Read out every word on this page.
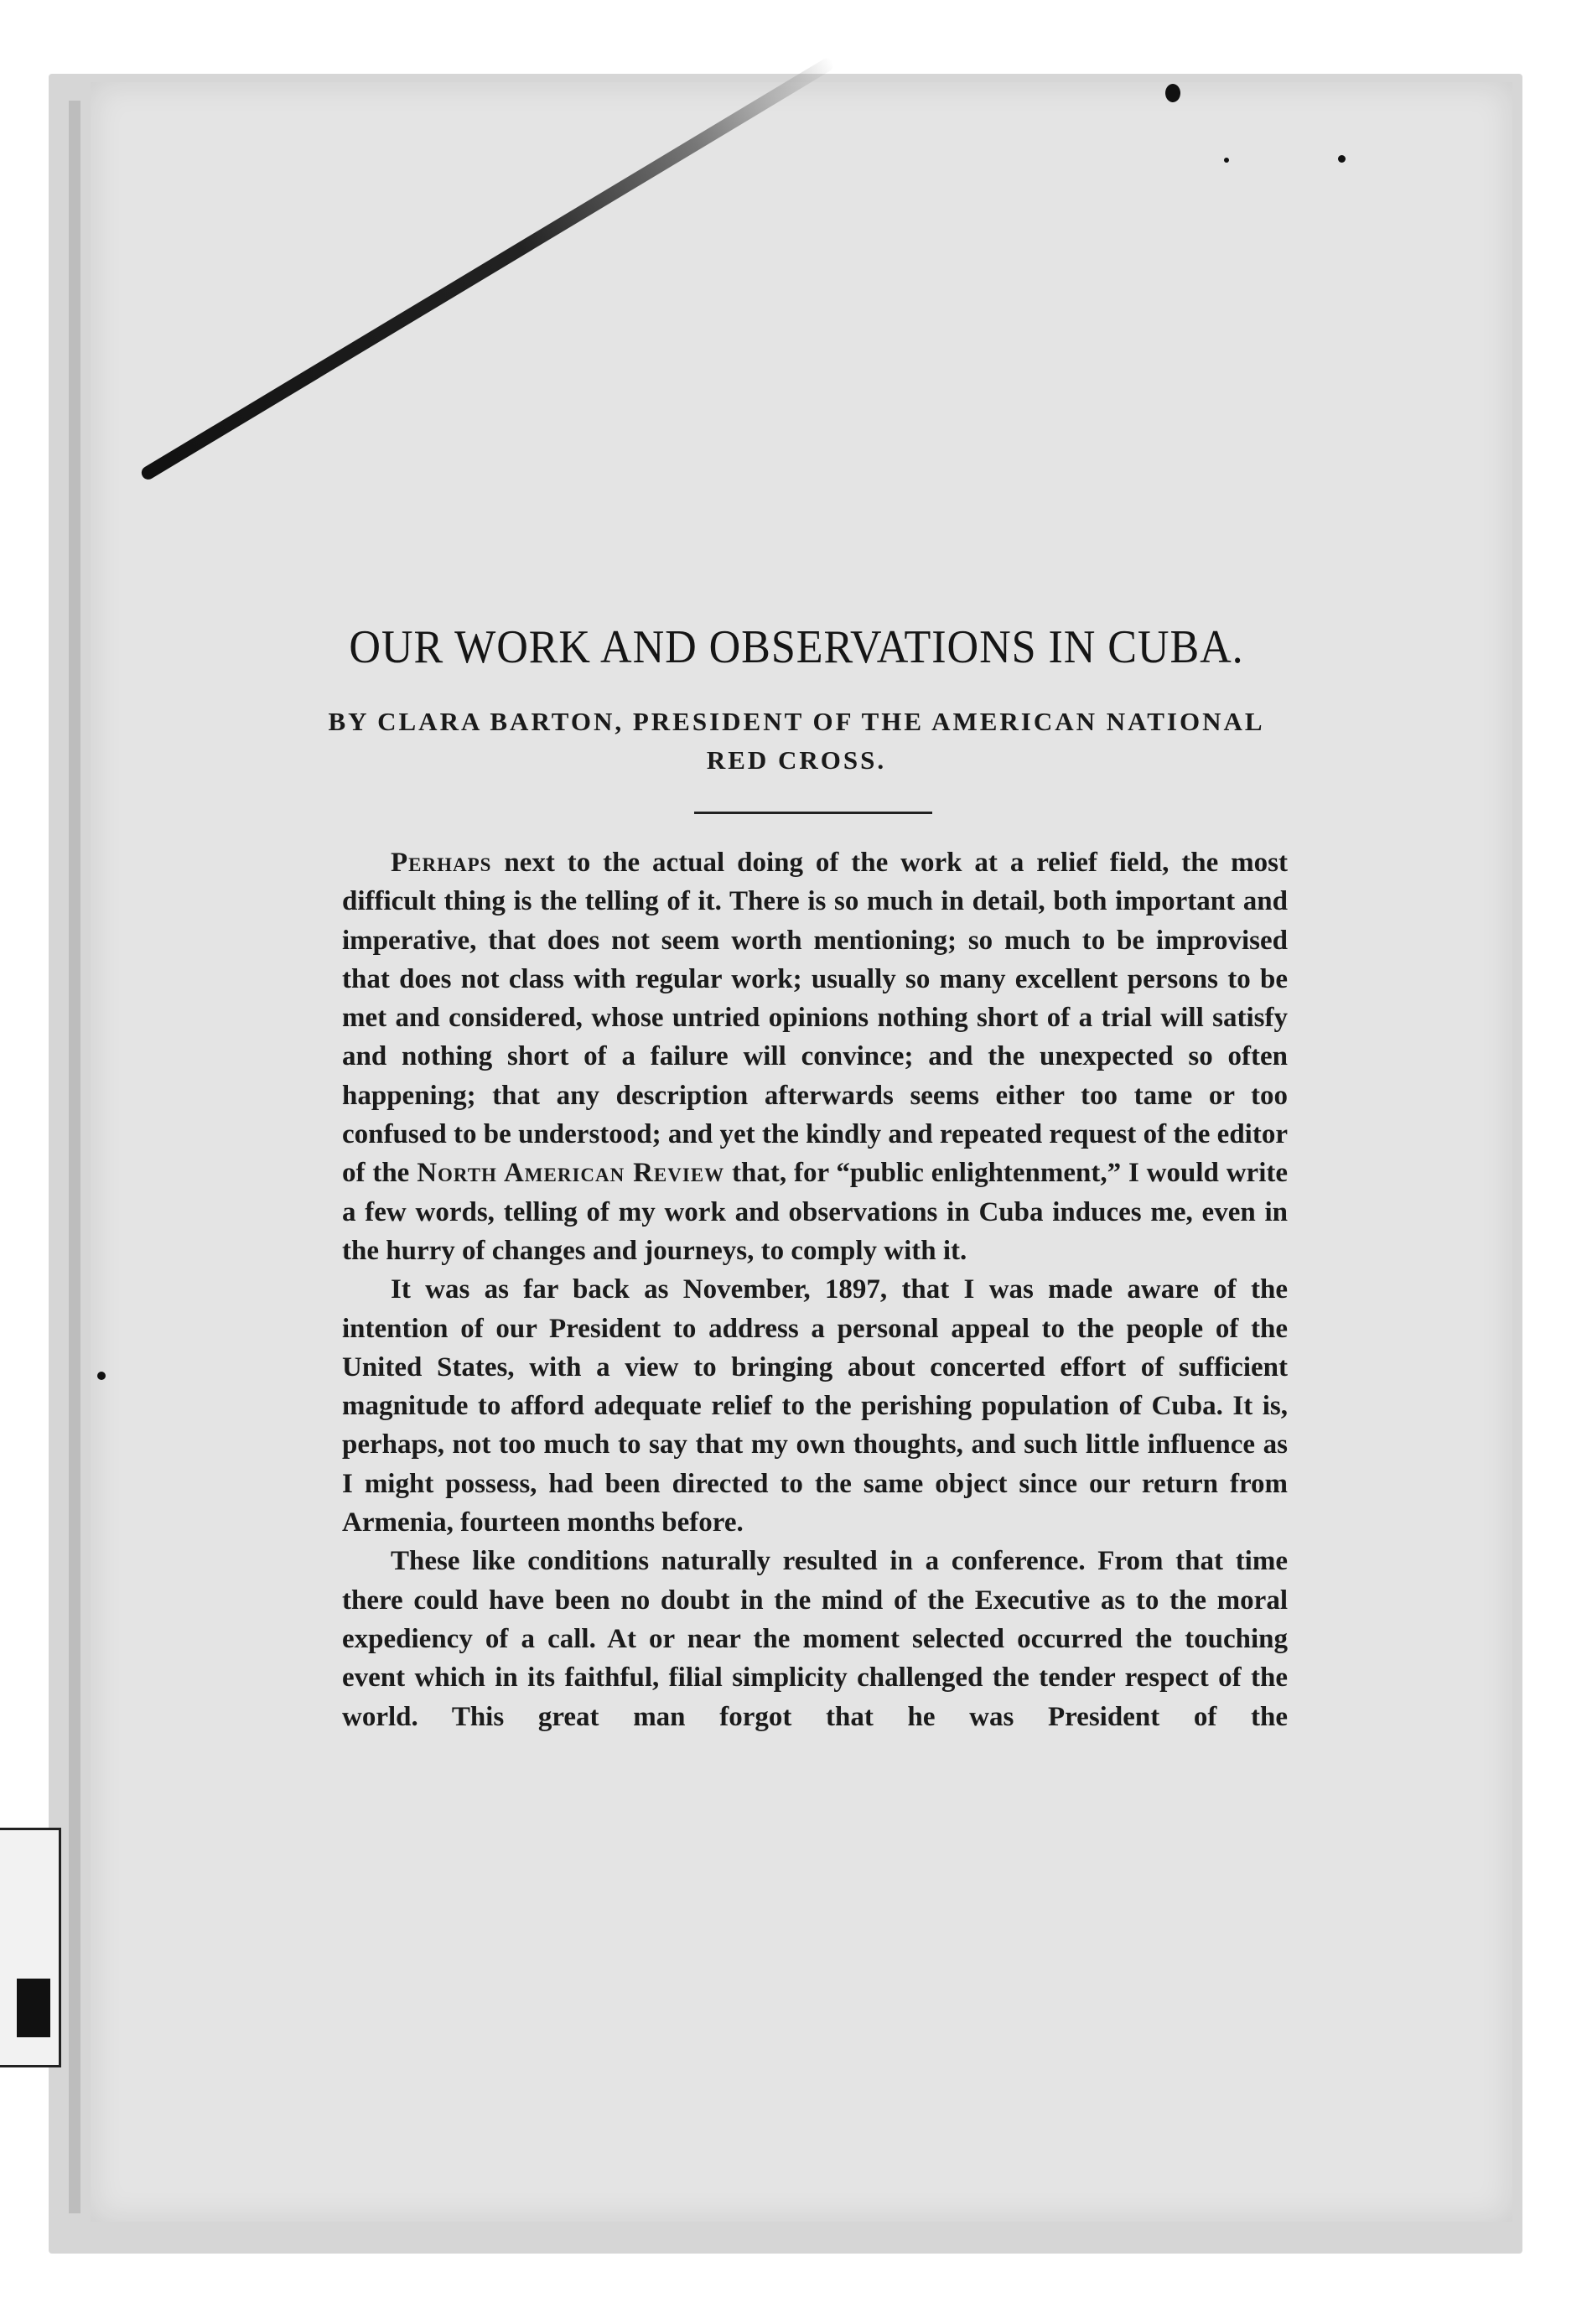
OUR WORK AND OBSERVATIONS IN CUBA.

BY CLARA BARTON, PRESIDENT OF THE AMERICAN NATIONAL
RED CROSS.

Perhaps next to the actual doing of the work at a relief field, the most difficult thing is the telling of it. There is so much in detail, both important and imperative, that does not seem worth mentioning; so much to be improvised that does not class with regular work; usually so many excellent persons to be met and considered, whose untried opinions nothing short of a trial will satisfy and nothing short of a failure will convince; and the unexpected so often happening; that any description afterwards seems either too tame or too confused to be understood; and yet the kindly and repeated request of the editor of the North American Review that, for “public enlightenment,” I would write a few words, telling of my work and observations in Cuba induces me, even in the hurry of changes and journeys, to comply with it.

It was as far back as November, 1897, that I was made aware of the intention of our President to address a personal appeal to the people of the United States, with a view to bringing about concerted effort of sufficient magnitude to afford adequate relief to the perishing population of Cuba. It is, perhaps, not too much to say that my own thoughts, and such little influence as I might possess, had been directed to the same object since our return from Armenia, fourteen months before.

These like conditions naturally resulted in a conference. From that time there could have been no doubt in the mind of the Executive as to the moral expediency of a call. At or near the moment selected occurred the touching event which in its faithful, filial simplicity challenged the tender respect of the world. This great man forgot that he was President of the
